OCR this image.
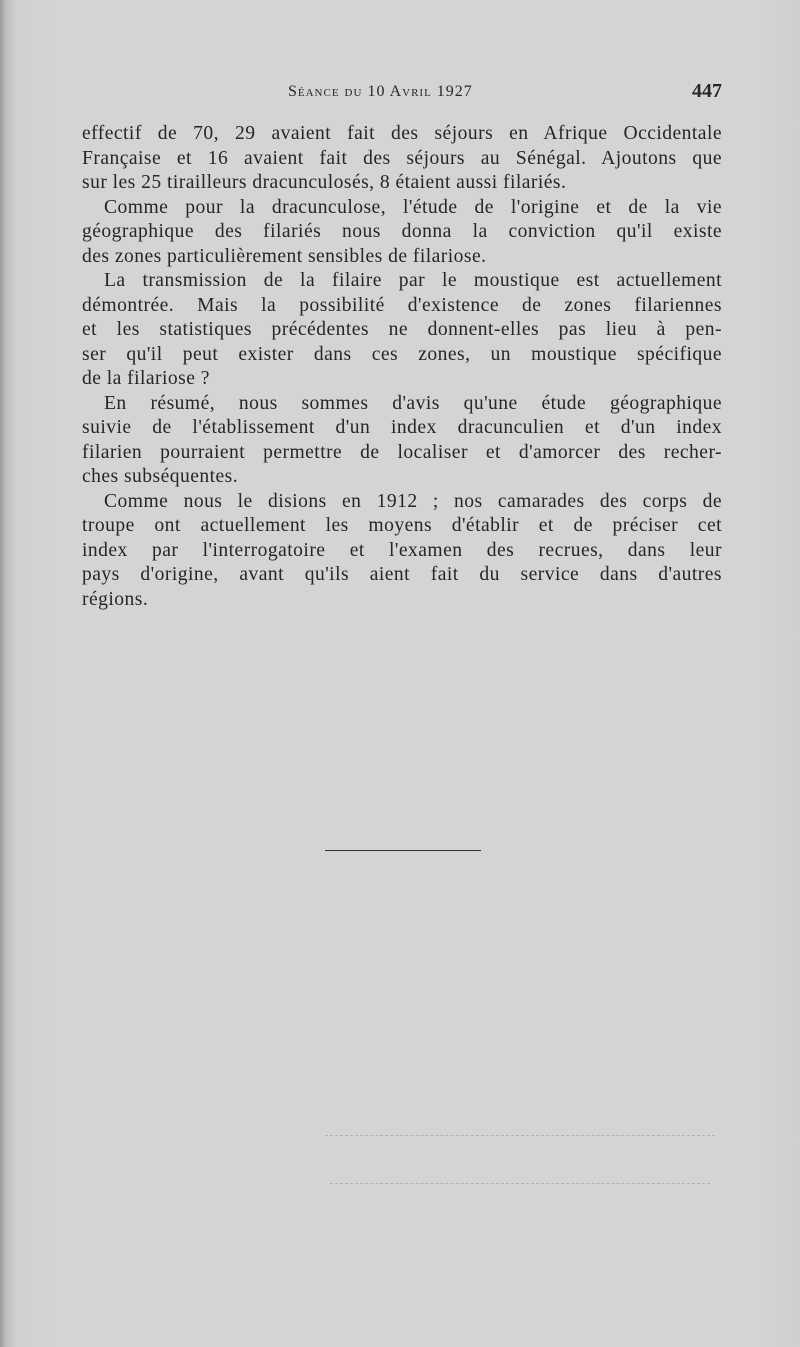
Séance du 10 Avril 1927	447
effectif de 70, 29 avaient fait des séjours en Afrique Occidentale
Française et 16 avaient fait des séjours au Sénégal. Ajoutons que
sur les 25 tirailleurs dracunculosés, 8 étaient aussi filariés.
Comme pour la dracunculose, l'étude de l'origine et de la vie
géographique des filariés nous donna la conviction qu'il existe
des zones particulièrement sensibles de filariose.
La transmission de la filaire par le moustique est actuellement
démontrée. Mais la possibilité d'existence de zones filariennes
et les statistiques précédentes ne donnent-elles pas lieu à pen-
ser qu'il peut exister dans ces zones, un moustique spécifique
de la filariose ?
En résumé, nous sommes d'avis qu'une étude géographique
suivie de l'établissement d'un index dracunculien et d'un index
filarien pourraient permettre de localiser et d'amorcer des recher-
ches subséquentes.
Comme nous le disions en 1912 ; nos camarades des corps de
troupe ont actuellement les moyens d'établir et de préciser cet
index par l'interrogatoire et l'examen des recrues, dans leur
pays d'origine, avant qu'ils aient fait du service dans d'autres
régions.
